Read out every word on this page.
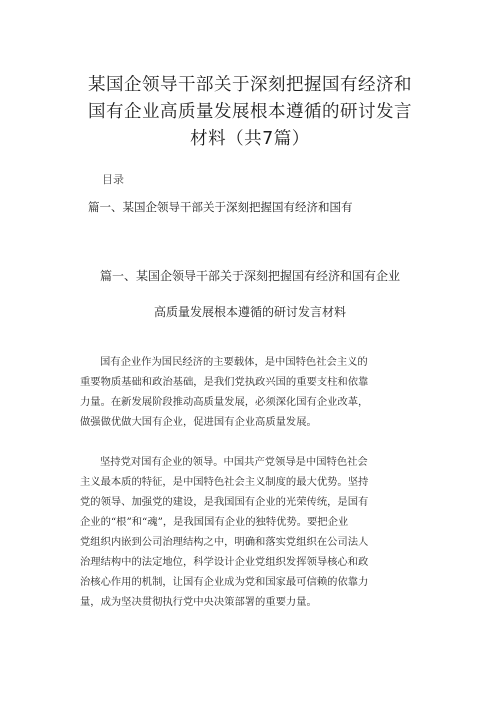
某国企领导干部关于深刻把握国有经济和
国有企业高质量发展根本遵循的研讨发言
材料（共7篇）
目录
篇一、某国企领导干部关于深刻把握国有经济和国有
篇一、某国企领导干部关于深刻把握国有经济和国有企业
高质量发展根本遵循的研讨发言材料
国有企业作为国民经济的主要载体，是中国特色社会主义的
重要物质基础和政治基础，是我们党执政兴国的重要支柱和依靠
力量。在新发展阶段推动高质量发展，必须深化国有企业改革，
做强做优做大国有企业，促进国有企业高质量发展。
坚持党对国有企业的领导。中国共产党领导是中国特色社会
主义最本质的特征，是中国特色社会主义制度的最大优势。坚持
党的领导、加强党的建设，是我国国有企业的光荣传统，是国有
企业的“根”和“魂”，是我国国有企业的独特优势。要把企业
党组织内嵌到公司治理结构之中，明确和落实党组织在公司法人
治理结构中的法定地位，科学设计企业党组织发挥领导核心和政
治核心作用的机制，让国有企业成为党和国家最可信赖的依靠力
量，成为坚决贯彻执行党中央决策部署的重要力量。
